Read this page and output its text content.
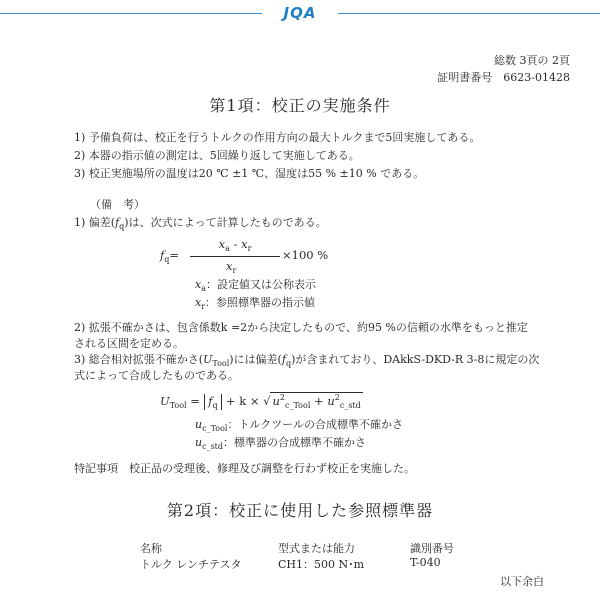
JQA
総数 3頁の 2頁
証明書番号　 6623-01428
第1項：校正の実施条件
1) 予備負荷は、校正を行うトルクの作用方向の最大トルクまで5回実施してある。
2) 本器の指示値の測定は、5回繰り返して実施してある。
3) 校正実施場所の温度は20 ℃ ±1 ℃、湿度は55 % ±10 % である。
（備　考）
1) 偏差$(f_q)$は、次式によって計算したものである。
$f_q=$
$x_a - x_r$
$x_r$
×100 %
$x_a$：設定値又は公称表示
$x_r$：参照標準器の指示値
2) 拡張不確かさは、包含係数k =2から決定したもので、約95 %の信頼の水準をもっと推定
される区間を定める。
3) 総合相対拡張不確かさ$(U_{Tool})$には偏差$(f_q)$が含まれており、DAkkS-DKD-R 3-8に規定の次
式によって合成したものである。
$U_{Tool} = f_q + k$ × √ $u^2_{c\_Tool} + u^2_{c\_std}$
$u_{c\_Tool}$：トルクツールの合成標準不確かさ
$u_{c\_std}$：標準器の合成標準不確かさ
特記事項　校正品の受理後、修理及び調整を行わず校正を実施した。
第2項：校正に使用した参照標準器
名称	型式または能力	識別番号
トルク レンチテスタ	CH1：500 N･m	T-040
以下余白
